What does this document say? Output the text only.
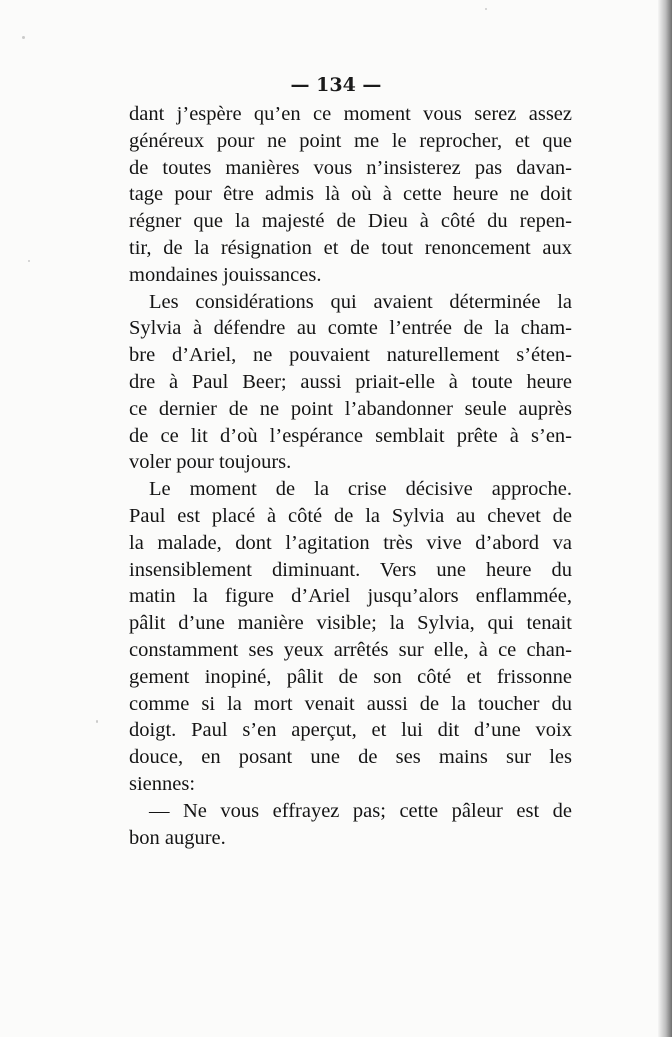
— 134 —
dant j’espère qu’en ce moment vous serez assez
généreux pour ne point me le reprocher, et que
de toutes manières vous n’insisterez pas davan-
tage pour être admis là où à cette heure ne doit
régner que la majesté de Dieu à côté du repen-
tir, de la résignation et de tout renoncement aux
mondaines jouissances.
Les considérations qui avaient déterminée la
Sylvia à défendre au comte l’entrée de la cham-
bre d’Ariel, ne pouvaient naturellement s’éten-
dre à Paul Beer; aussi priait-elle à toute heure
ce dernier de ne point l’abandonner seule auprès
de ce lit d’où l’espérance semblait prête à s’en-
voler pour toujours.
Le moment de la crise décisive approche.
Paul est placé à côté de la Sylvia au chevet de
la malade, dont l’agitation très vive d’abord va
insensiblement diminuant. Vers une heure du
matin la figure d’Ariel jusqu’alors enflammée,
pâlit d’une manière visible; la Sylvia, qui tenait
constamment ses yeux arrêtés sur elle, à ce chan-
gement inopiné, pâlit de son côté et frissonne
comme si la mort venait aussi de la toucher du
doigt. Paul s’en aperçut, et lui dit d’une voix
douce, en posant une de ses mains sur les
siennes:
— Ne vous effrayez pas; cette pâleur est de
bon augure.
